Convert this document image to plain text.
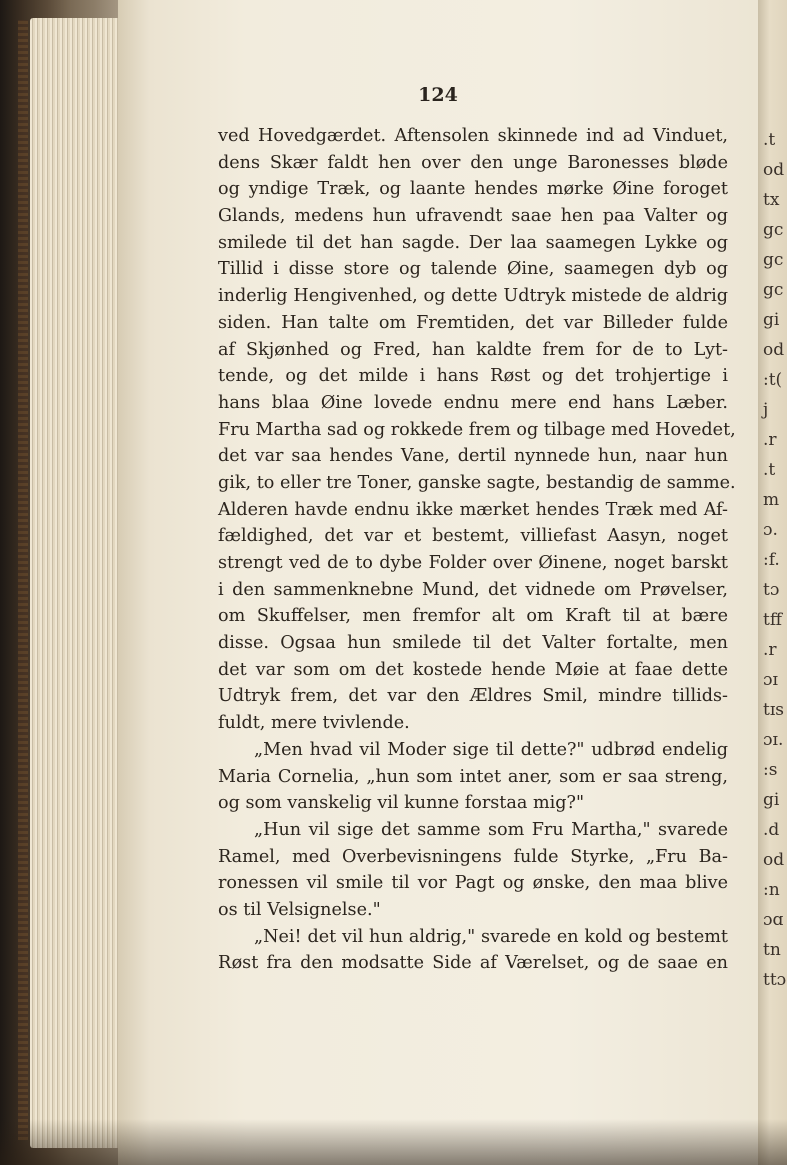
124
ved Hovedgærdet. Aftensolen skinnede ind ad Vinduet,
dens Skær faldt hen over den unge Baronesses bløde
og yndige Træk, og laante hendes mørke Øine foroget
Glands, medens hun ufravendt saae hen paa Valter og
smilede til det han sagde. Der laa saamegen Lykke og
Tillid i disse store og talende Øine, saamegen dyb og
inderlig Hengivenhed, og dette Udtryk mistede de aldrig
siden. Han talte om Fremtiden, det var Billeder fulde
af Skjønhed og Fred, han kaldte frem for de to Lyt-
tende, og det milde i hans Røst og det trohjertige i
hans blaa Øine lovede endnu mere end hans Læber.
Fru Martha sad og rokkede frem og tilbage med Hovedet,
det var saa hendes Vane, dertil nynnede hun, naar hun
gik, to eller tre Toner, ganske sagte, bestandig de samme.
Alderen havde endnu ikke mærket hendes Træk med Af-
fældighed, det var et bestemt, villiefast Aasyn, noget
strengt ved de to dybe Folder over Øinene, noget barskt
i den sammenknebne Mund, det vidnede om Prøvelser,
om Skuffelser, men fremfor alt om Kraft til at bære
disse. Ogsaa hun smilede til det Valter fortalte, men
det var som om det kostede hende Møie at faae dette
Udtryk frem, det var den Ældres Smil, mindre tillids-
fuldt, mere tvivlende.
„Men hvad vil Moder sige til dette?" udbrød endelig
Maria Cornelia, „hun som intet aner, som er saa streng,
og som vanskelig vil kunne forstaa mig?"
„Hun vil sige det samme som Fru Martha," svarede
Ramel, med Overbevisningens fulde Styrke, „Fru Ba-
ronessen vil smile til vor Pagt og ønske, den maa blive
os til Velsignelse."
„Nei! det vil hun aldrig," svarede en kold og bestemt
Røst fra den modsatte Side af Værelset, og de saae en
.t
od
tx
gc
gc
gc
gi
od
:t(
j
.r
.t
m
ɔ.
:f.
tɔ
tff
.r
ɔɪ
tɪs
ɔɪ.
:s
gi
.d
od
:n
ɔɑ
tn
ttɔ
